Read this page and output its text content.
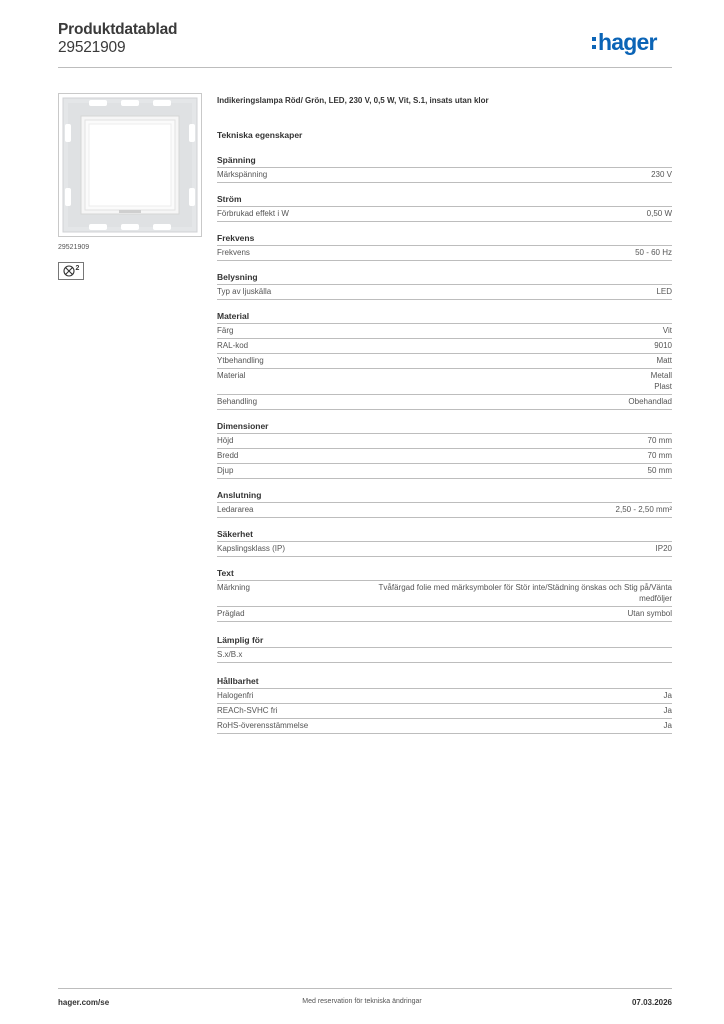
Produktdatablad
29521909	hager
29521909
2
Indikeringslampa Röd/ Grön, LED, 230 V, 0,5 W, Vit, S.1, insats utan klor
Tekniska egenskaper
Spänning
Märkspänning	230 V
Ström
Förbrukad effekt i W	0,50 W
Frekvens
Frekvens	50 - 60 Hz
Belysning
Typ av ljuskälla	LED
Material
Färg	Vit
RAL-kod	9010
Ytbehandling	Matt
Material	Metall
Plast
Behandling	Obehandlad
Dimensioner
Höjd	70 mm
Bredd	70 mm
Djup	50 mm
Anslutning
Ledararea	2,50 - 2,50 mm²
Säkerhet
Kapslingsklass (IP)	IP20
Text
Märkning	Tvåfärgad folie med märksymboler för Stör inte/Städning önskas och Stig på/Vänta
medföljer
Präglad	Utan symbol
Lämplig för
S.x/B.x
Hållbarhet
Halogenfri	Ja
REACh-SVHC fri	Ja
RoHS-överensstämmelse	Ja
hager.com/se	Med reservation för tekniska ändringar	07.03.2026
